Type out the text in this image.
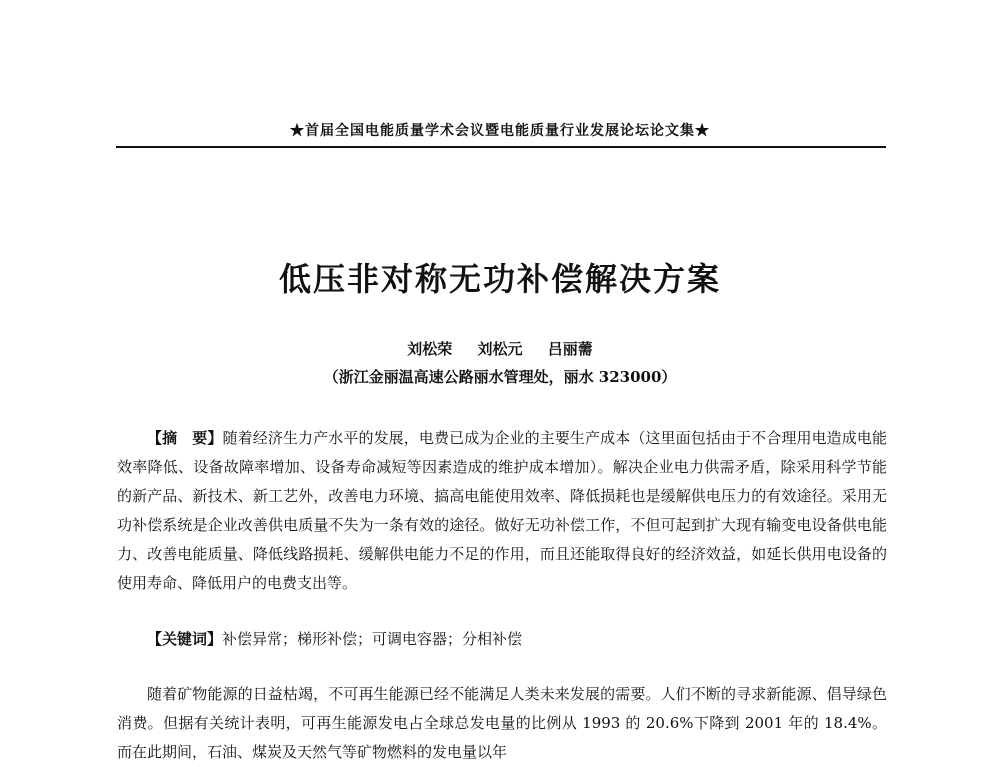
★首届全国电能质量学术会议暨电能质量行业发展论坛论文集★
低压非对称无功补偿解决方案
刘松荣 刘松元 吕丽薷
（浙江金丽温高速公路丽水管理处，丽水 323000）

【摘　要】随着经济生力产水平的发展，电费已成为企业的主要生产成本（这里面包括由于不合理用电造成电能效率降低、设备故障率增加、设备寿命减短等因素造成的维护成本增加）。解决企业电力供需矛盾，除采用科学节能的新产品、新技术、新工艺外，改善电力环境、搞高电能使用效率、降低损耗也是缓解供电压力的有效途径。采用无功补偿系统是企业改善供电质量不失为一条有效的途径。做好无功补偿工作，不但可起到扩大现有输变电设备供电能力、改善电能质量、降低线路损耗、缓解供电能力不足的作用，而且还能取得良好的经济效益，如延长供用电设备的使用寿命、降低用户的电费支出等。

【关键词】补偿异常；梯形补偿；可调电容器；分相补偿

随着矿物能源的日益枯竭，不可再生能源已经不能满足人类未来发展的需要。人们不断的寻求新能源、倡导绿色消费。但据有关统计表明，可再生能源发电占全球总发电量的比例从 1993 的 20.6%下降到 2001 年的 18.4%。而在此期间，石油、煤炭及天然气等矿物燃料的发电量以年
